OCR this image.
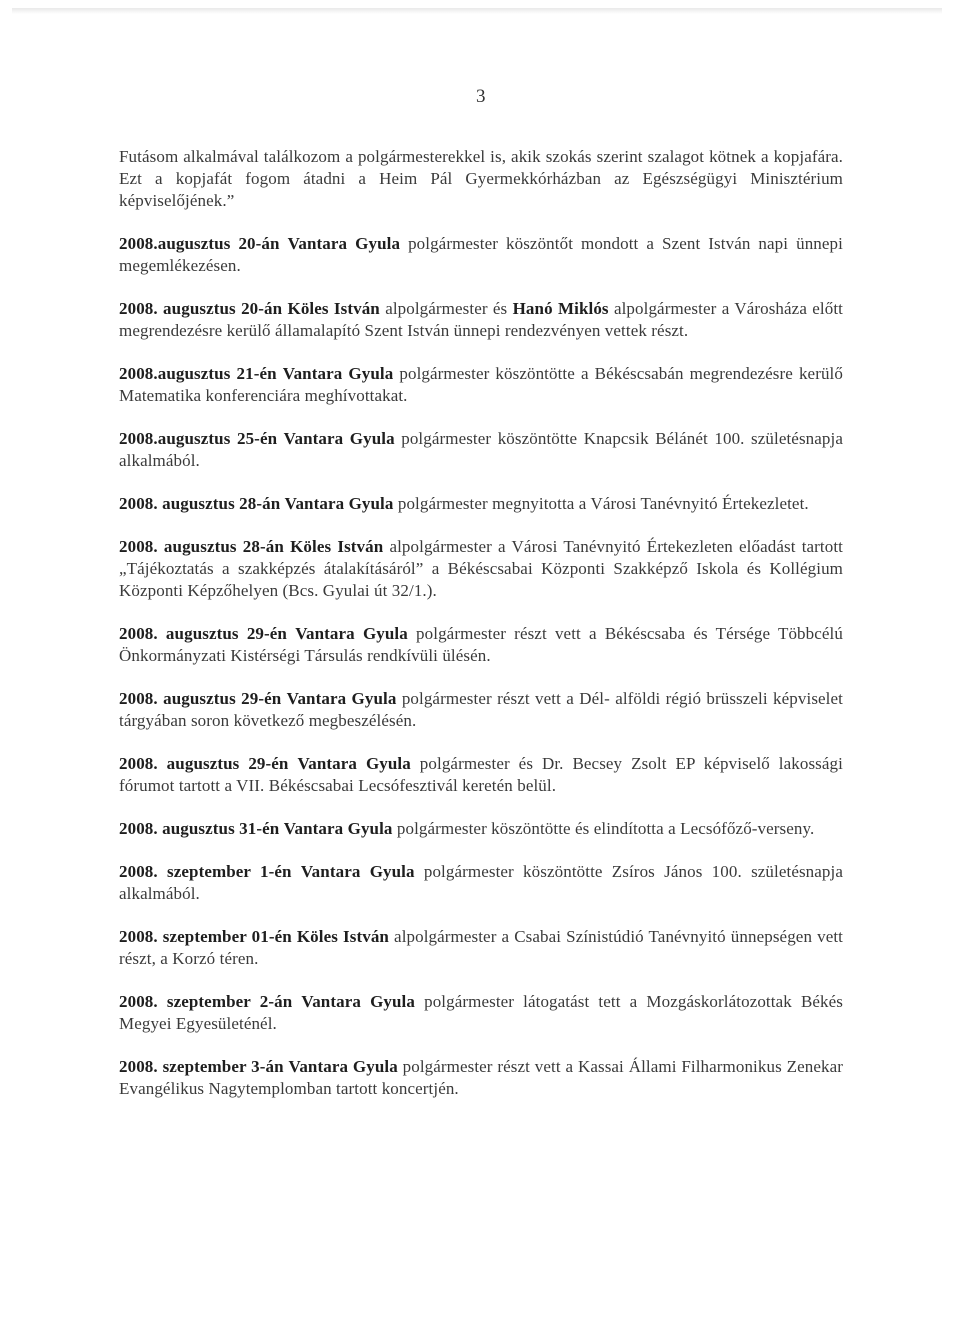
3

Futásom alkalmával találkozom a polgármesterekkel is, akik szokás szerint szalagot kötnek a kopjafára. Ezt a kopjafát fogom átadni a Heim Pál Gyermekkórházban az Egészségügyi Minisztérium képviselőjének.”

2008.augusztus 20-án Vantara Gyula polgármester köszöntőt mondott a Szent István napi ünnepi megemlékezésen.

2008. augusztus 20-án Köles István alpolgármester és Hanó Miklós alpolgármester a Városháza előtt megrendezésre kerülő államalapító Szent István ünnepi rendezvényen vettek részt.

2008.augusztus 21-én Vantara Gyula polgármester köszöntötte a Békéscsabán megrendezésre kerülő Matematika konferenciára meghívottakat.

2008.augusztus 25-én Vantara Gyula polgármester köszöntötte Knapcsik Bélánét 100. születésnapja alkalmából.

2008. augusztus 28-án Vantara Gyula polgármester megnyitotta a Városi Tanévnyitó Értekezletet.

2008. augusztus 28-án Köles István alpolgármester a Városi Tanévnyitó Értekezleten előadást tartott „Tájékoztatás a szakképzés átalakításáról” a Békéscsabai Központi Szakképző Iskola és Kollégium Központi Képzőhelyen (Bcs. Gyulai út 32/1.).

2008. augusztus 29-én Vantara Gyula polgármester részt vett a Békéscsaba és Térsége Többcélú Önkormányzati Kistérségi Társulás rendkívüli ülésén.

2008. augusztus 29-én Vantara Gyula polgármester részt vett a Dél- alföldi régió brüsszeli képviselet tárgyában soron következő megbeszélésén.

2008. augusztus 29-én Vantara Gyula polgármester és Dr. Becsey Zsolt EP képviselő lakossági fórumot tartott a VII. Békéscsabai Lecsófesztivál keretén belül.

2008. augusztus 31-én Vantara Gyula polgármester köszöntötte és elindította a Lecsófőző-verseny.

2008. szeptember 1-én Vantara Gyula polgármester köszöntötte Zsíros János 100. születésnapja alkalmából.

2008. szeptember 01-én Köles István alpolgármester a Csabai Színistúdió Tanévnyitó ünnepségen vett részt, a Korzó téren.

2008. szeptember 2-án Vantara Gyula polgármester látogatást tett a Mozgáskorlátozottak Békés Megyei Egyesületénél.

2008. szeptember 3-án Vantara Gyula polgármester részt vett a Kassai Állami Filharmonikus Zenekar Evangélikus Nagytemplomban tartott koncertjén.
